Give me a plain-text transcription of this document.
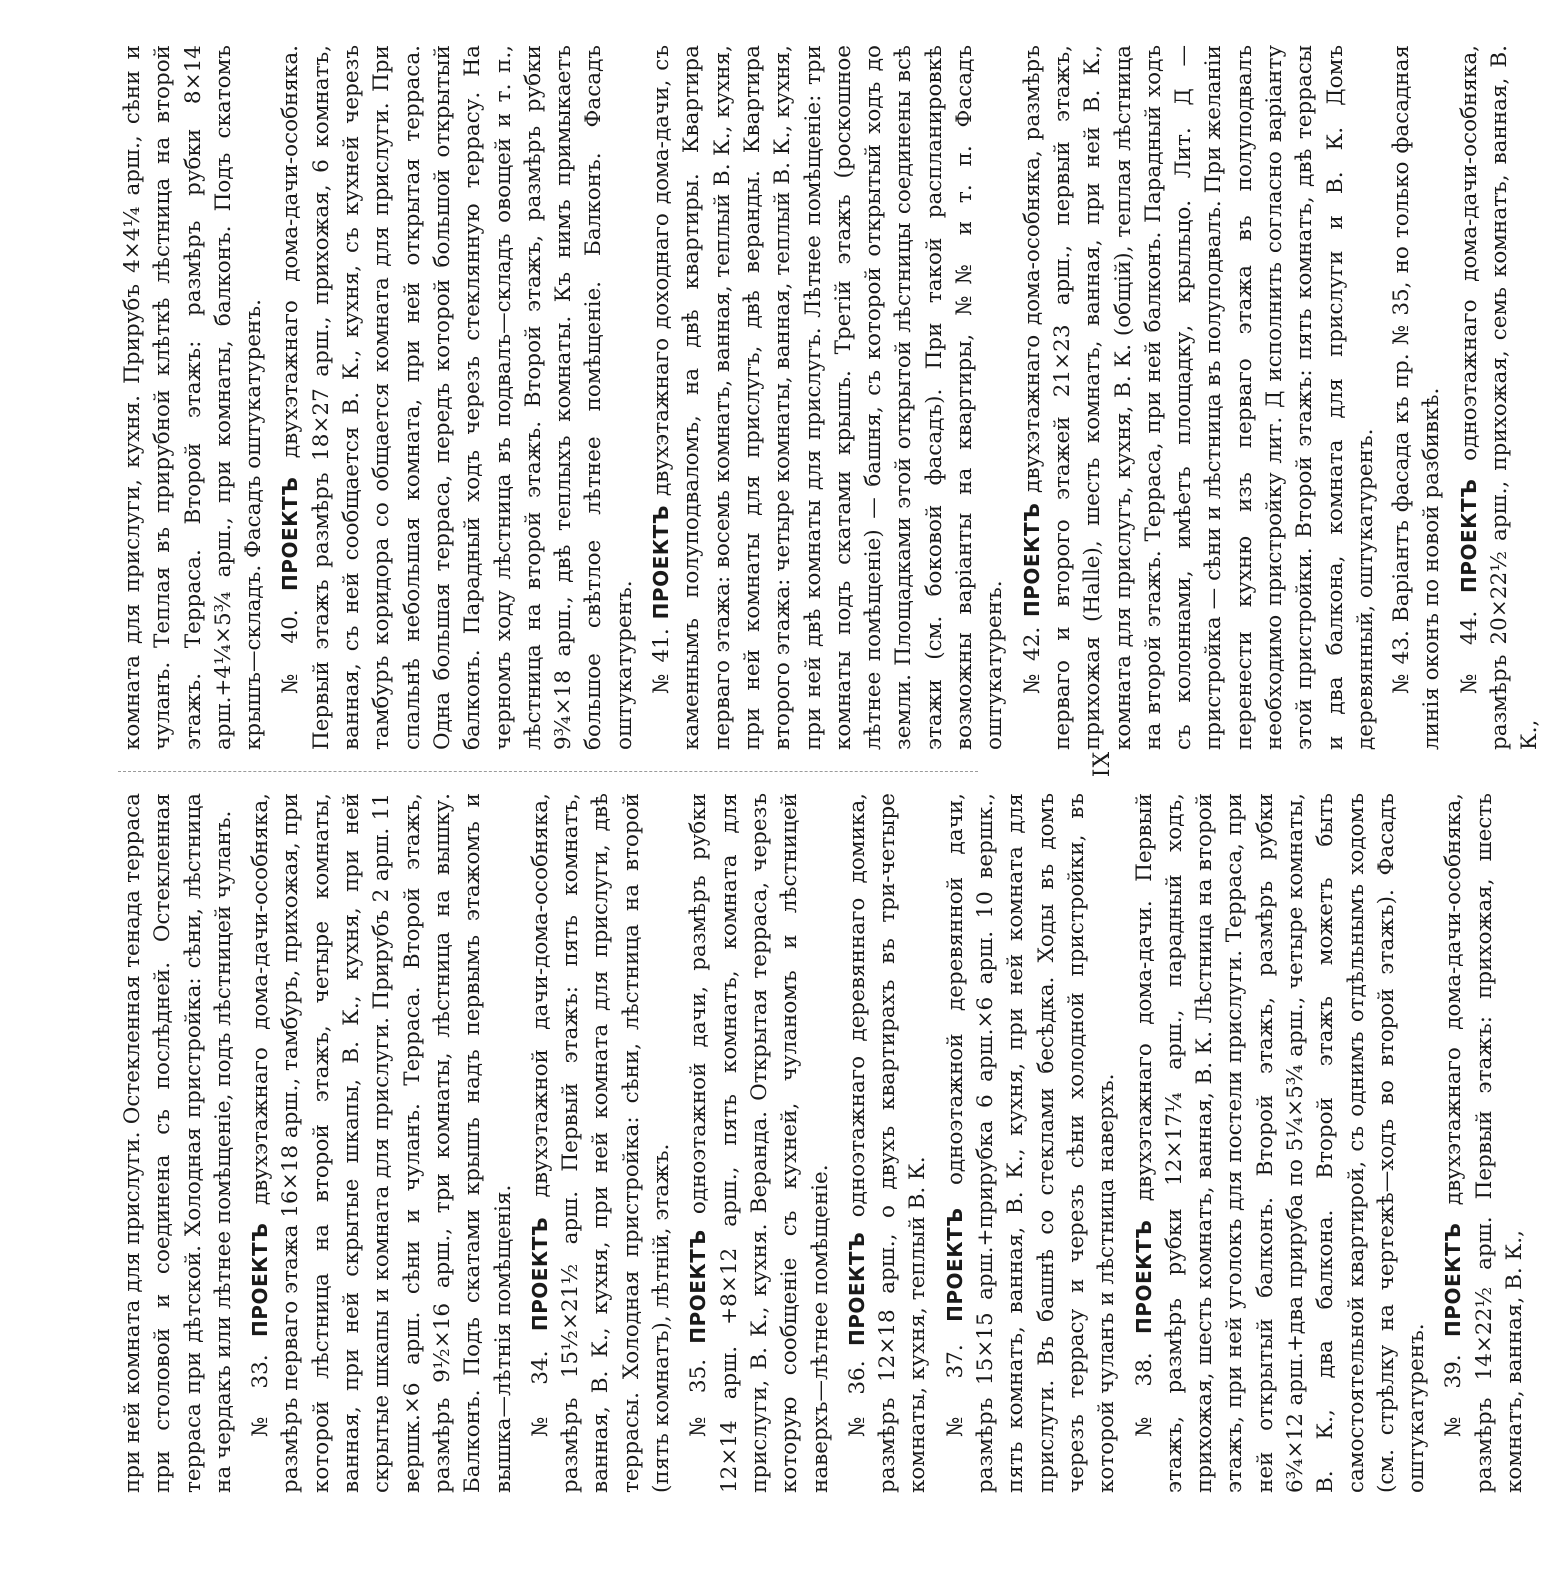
при ней комната для прислуги. Остекленная тенада терраса при столовой и соединена съ послѣдней. Остекленная терраса при дѣтской. Холодная пристройка: сѣни, лѣстница на чердакъ или лѣтнее помѣщеніе, подъ лѣстницей чуланъ. № 33. ПРОЕКТЪ двухэтажнаго дома-дачи-особняка, размѣръ перваго этажа 16×18 арш., тамбуръ, прихожая, при которой лѣстница на второй этажъ, четыре комнаты, ванная, при ней скрытые шкапы, В. К., кухня, при ней скрытые шкапы и комната для прислуги. Прирубъ 2 арш. 11 вершк.×6 арш. сѣни и чуланъ. Терраса. Второй этажъ, размѣръ 9½×16 арш., три комнаты, лѣстница на вышку. Балконъ. Подъ скатами крышъ надъ первымъ этажомъ и вышка—лѣтнія помѣщенія. № 34. ПРОЕКТЪ двухэтажной дачи-дома-особняка, размѣръ 15½×21½ арш. Первый этажъ: пять комнатъ, ванная, В. К., кухня, при ней комната для прислуги, двѣ террасы. Холодная пристройка: сѣни, лѣстница на второй (пять комнатъ), лѣтній, этажъ. № 35. ПРОЕКТЪ одноэтажной дачи, размѣръ рубки 12×14 арш. +8×12 арш., пять комнатъ, комната для прислуги, В. К., кухня. Веранда. Открытая терраса, черезъ которую сообщеніе съ кухней, чуланомъ и лѣстницей наверхъ—лѣтнее помѣщеніе. № 36. ПРОЕКТЪ одноэтажнаго деревяннаго домика, размѣръ 12×18 арш., о двухъ квартирахъ въ три-четыре комнаты, кухня, теплый В. К. № 37. ПРОЕКТЪ одноэтажной деревянной дачи, размѣръ 15×15 арш.+прирубка 6 арш.×6 арш. 10 вершк., пять комнатъ, ванная, В. К., кухня, при ней комната для прислуги. Въ башнѣ со стеклами бесѣдка. Ходы въ домъ черезъ террасу и черезъ сѣни холодной пристройки, въ которой чуланъ и лѣстница наверхъ. № 38. ПРОЕКТЪ двухэтажнаго дома-дачи. Первый этажъ, размѣръ рубки 12×17¼ арш., парадный ходъ, прихожая, шесть комнатъ, ванная, В. К. Лѣстница на второй этажъ, при ней уголокъ для постели прислуги. Терраса, при ней открытый балконъ. Второй этажъ, размѣръ рубки 6¾×12 арш.+два прируба по 5¼×5¾ арш., четыре комнаты, В. К., два балкона. Второй этажъ можетъ быть самостоятельной квартирой, съ однимъ отдѣльнымъ ходомъ (см. стрѣлку на чертежѣ—ходъ во второй этажъ). Фасадъ оштукатуренъ. № 39. ПРОЕКТЪ двухэтажнаго дома-дачи-особняка, размѣръ 14×22½ арш. Первый этажъ: прихожая, шесть комнатъ, ванная, В. К.,

комната для прислуги, кухня. Прирубъ 4×4¼ арш., сѣни и чуланъ. Теплая въ прирубной клѣткѣ лѣстница на второй этажъ. Терраса. Второй этажъ: размѣръ рубки 8×14 арш.+4¼×5¾ арш., при комнаты, балконъ. Подъ скатомъ крышъ—складъ. Фасадъ оштукатуренъ. № 40. ПРОЕКТЪ двухэтажнаго дома-дачи-особняка. Первый этажъ размѣръ 18×27 арш., прихожая, 6 комнатъ, ванная, съ ней сообщается В. К., кухня, съ кухней черезъ тамбуръ коридора со общается комната для прислуги. При спальнѣ небольшая комната, при ней открытая терраса. Одна большая терраса, передъ которой большой открытый балконъ. Парадный ходъ черезъ стеклянную террасу. На черномъ ходу лѣстница въ подвалъ—складъ овощей и т. п., лѣстница на второй этажъ. Второй этажъ, размѣръ рубки 9¾×18 арш., двѣ теплыхъ комнаты. Къ нимъ примыкаетъ большое свѣтлое лѣтнее помѣщеніе. Балконъ. Фасадъ оштукатуренъ. № 41. ПРОЕКТЪ двухэтажнаго доходнаго дома-дачи, съ каменнымъ полуподваломъ, на двѣ квартиры. Квартира перваго этажа: восемь комнатъ, ванная, теплый В. К., кухня, при ней комнаты для прислугъ, двѣ веранды. Квартира второго этажа: четыре комнаты, ванная, теплый В. К., кухня, при ней двѣ комнаты для прислугъ. Лѣтнее помѣщеніе: три комнаты подъ скатами крышъ. Третій этажъ (роскошное лѣтнее помѣщеніе) — башня, съ которой открытый ходъ до земли. Площадками этой открытой лѣстницы соединены всѣ этажи (см. боковой фасадъ). При такой распланировкѣ возможны варіанты на квартиры, №№ и т. п. Фасадъ оштукатуренъ. № 42. ПРОЕКТЪ двухэтажнаго дома-особняка, размѣръ перваго и второго этажей 21×23 арш., первый этажъ, прихожая (Halle), шесть комнатъ, ванная, при ней В. К., комната для прислугъ, кухня, В. К. (общій), теплая лѣстница на второй этажъ. Терраса, при ней балконъ. Парадный ходъ съ колоннами, имѣетъ площадку, крыльцо. Лит. Д — пристройка — сѣни и лѣстница въ полуподвалъ. При желаніи перенести кухню изъ перваго этажа въ полуподвалъ необходимо пристройку лит. Д исполнить согласно варіанту этой пристройки. Второй этажъ: пять комнатъ, двѣ террасы и два балкона, комната для прислуги и В. К. Домъ деревянный, оштукатуренъ. № 43. Варіантъ фасада къ пр. № 35, но только фасадная линія оконъ по новой разбивкѣ. № 44. ПРОЕКТЪ одноэтажнаго дома-дачи-особняка, размѣръ 20×22½ арш., прихожая, семь комнатъ, ванная, В. К.,

IX
